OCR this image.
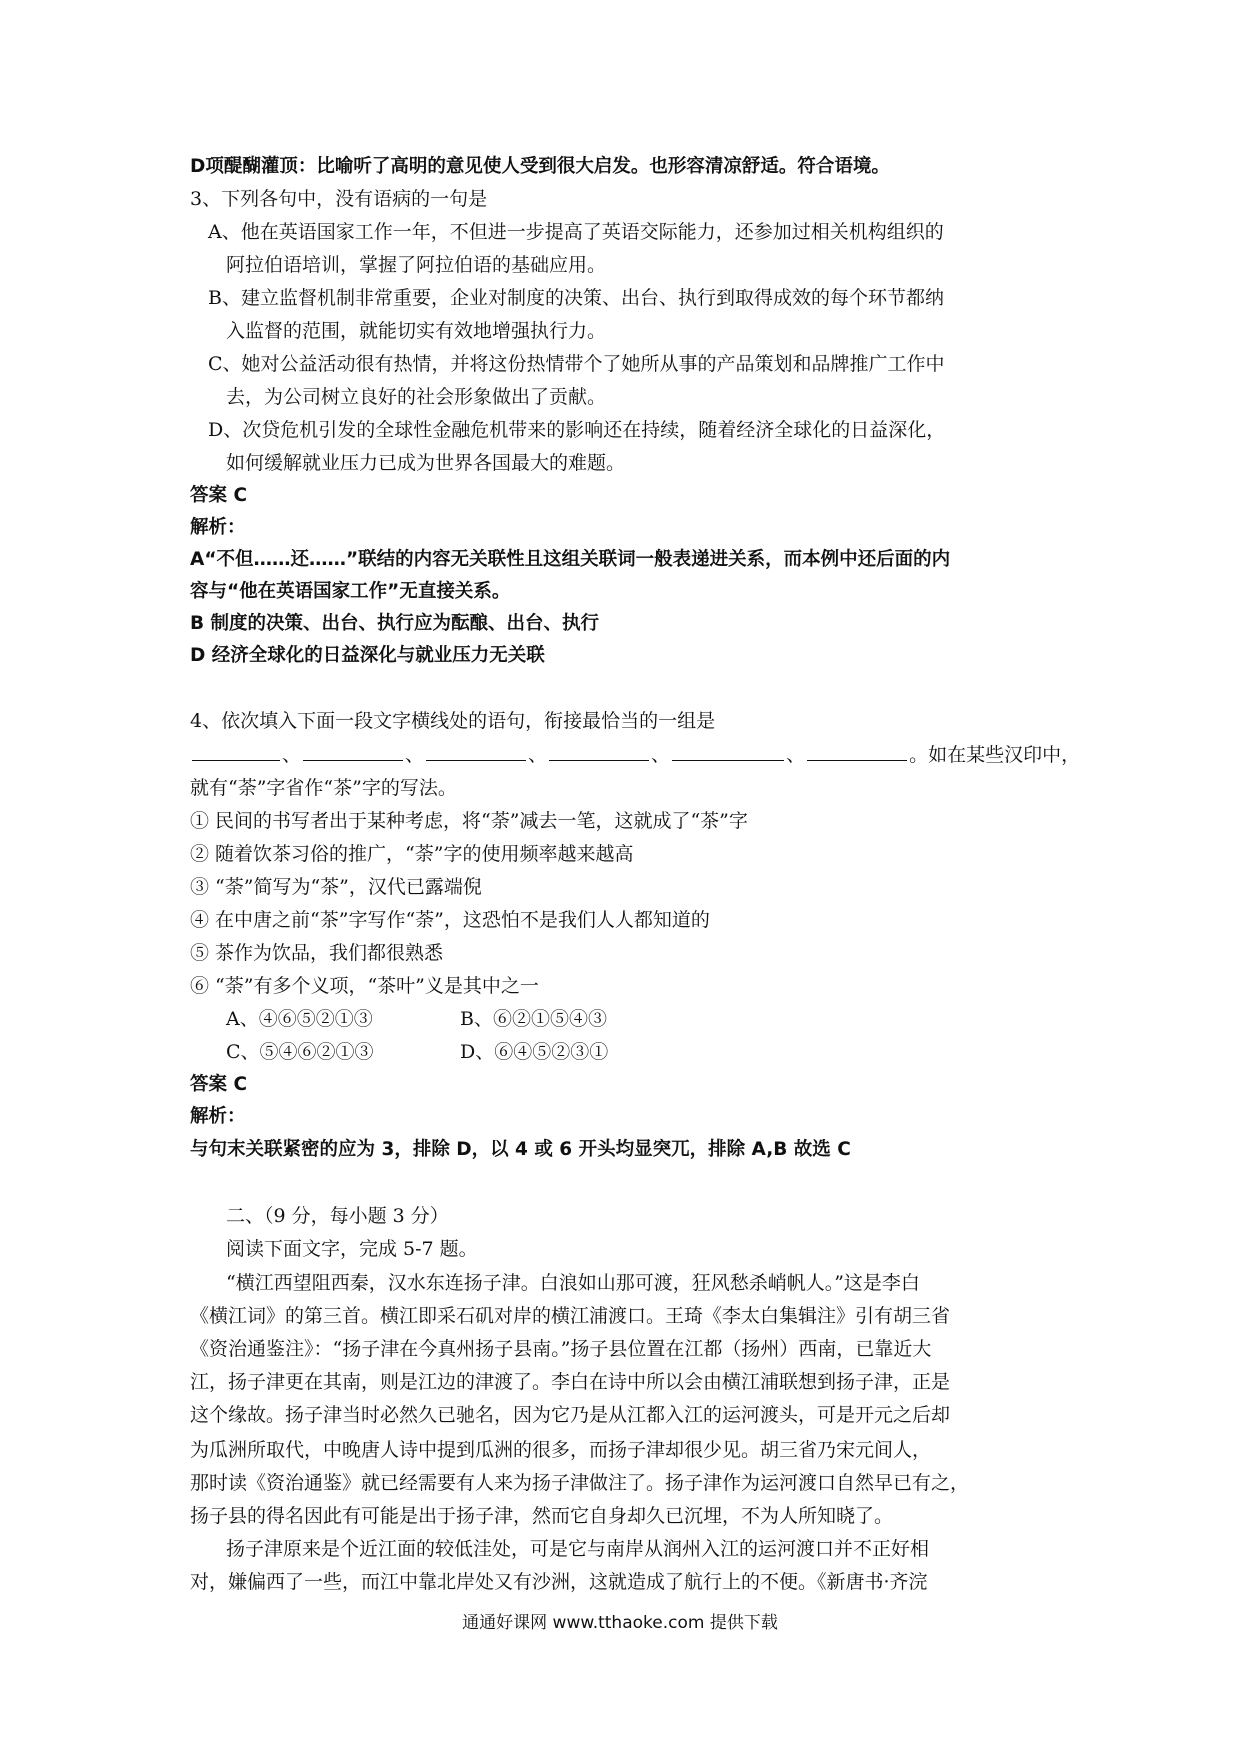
D项醍醐灌顶：比喻听了高明的意见使人受到很大启发。也形容清凉舒适。符合语境。
3、下列各句中，没有语病的一句是
A、他在英语国家工作一年，不但进一步提高了英语交际能力，还参加过相关机构组织的
阿拉伯语培训，掌握了阿拉伯语的基础应用。
B、建立监督机制非常重要，企业对制度的决策、出台、执行到取得成效的每个环节都纳
入监督的范围，就能切实有效地增强执行力。
C、她对公益活动很有热情，并将这份热情带个了她所从事的产品策划和品牌推广工作中
去，为公司树立良好的社会形象做出了贡献。
D、次贷危机引发的全球性金融危机带来的影响还在持续，随着经济全球化的日益深化，
如何缓解就业压力已成为世界各国最大的难题。
答案 C
解析：
A“不但……还……”联结的内容无关联性且这组关联词一般表递进关系，而本例中还后面的内
容与“他在英语国家工作”无直接关系。
B 制度的决策、出台、执行应为酝酿、出台、执行
D 经济全球化的日益深化与就业压力无关联
4、依次填入下面一段文字横线处的语句，衔接最恰当的一组是
、	、	、	、	、	。如在某些汉印中，
就有“荼”字省作“茶”字的写法。
① 民间的书写者出于某种考虑，将“荼”减去一笔，这就成了“茶”字
② 随着饮茶习俗的推广，“荼”字的使用频率越来越高
③ “荼”简写为“茶”，汉代已露端倪
④ 在中唐之前“茶”字写作“荼”，这恐怕不是我们人人都知道的
⑤ 茶作为饮品，我们都很熟悉
⑥ “荼”有多个义项，“茶叶”义是其中之一
A、④⑥⑤②①③	B、⑥②①⑤④③
C、⑤④⑥②①③	D、⑥④⑤②③①
答案 C
解析：
与句末关联紧密的应为 3，排除 D，以 4 或 6 开头均显突兀，排除 A,B 故选 C
二、（9 分，每小题 3 分）
阅读下面文字，完成 5-7 题。
“横江西望阻西秦，汉水东连扬子津。白浪如山那可渡，狂风愁杀峭帆人。”这是李白
《横江词》的第三首。横江即采石矶对岸的横江浦渡口。王琦《李太白集辑注》引有胡三省
《资治通鉴注》：“扬子津在今真州扬子县南。”扬子县位置在江都（扬州）西南，已靠近大
江，扬子津更在其南，则是江边的津渡了。李白在诗中所以会由横江浦联想到扬子津，正是
这个缘故。扬子津当时必然久已驰名，因为它乃是从江都入江的运河渡头，可是开元之后却
为瓜洲所取代，中晚唐人诗中提到瓜洲的很多，而扬子津却很少见。胡三省乃宋元间人，
那时读《资治通鉴》就已经需要有人来为扬子津做注了。扬子津作为运河渡口自然早已有之，
扬子县的得名因此有可能是出于扬子津，然而它自身却久已沉埋，不为人所知晓了。
扬子津原来是个近江面的较低洼处，可是它与南岸从润州入江的运河渡口并不正好相
对，嫌偏西了一些，而江中靠北岸处又有沙洲，这就造成了航行上的不便。《新唐书·齐浣
通通好课网 www.tthaoke.com 提供下载
